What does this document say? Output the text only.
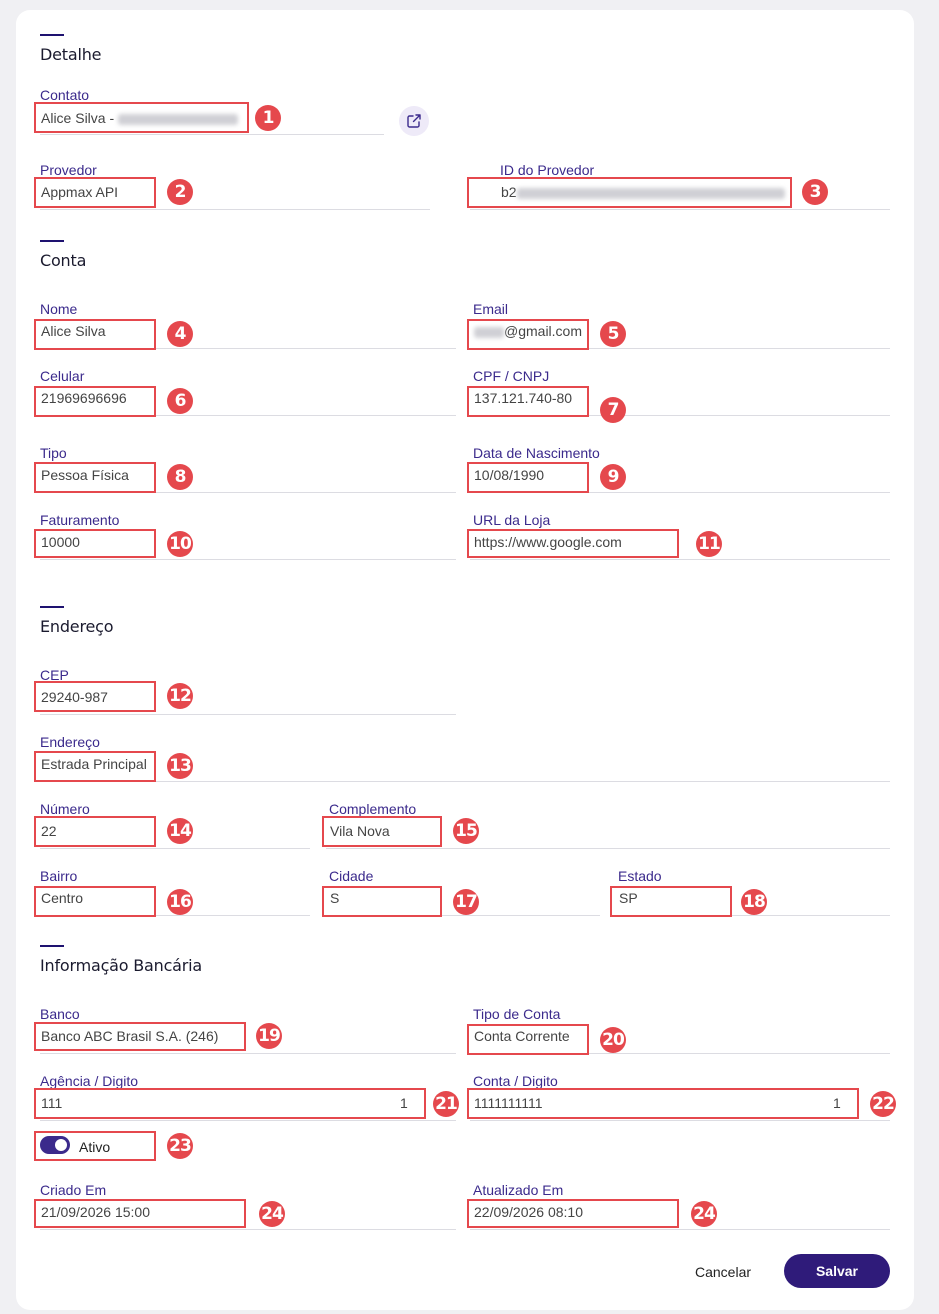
Detalhe
Contato
Alice Silva -
Provedor
Appmax API
ID do Provedor
b2
Conta
Nome
Alice Silva
Email
@gmail.com
Celular
21969696696
CPF / CNPJ
137.121.740-80
Tipo
Pessoa Física
Data de Nascimento
10/08/1990
Faturamento
10000
URL da Loja
https://www.google.com
Endereço
CEP
29240-987
Endereço
Estrada Principal
Número
22
Complemento
Vila Nova
Bairro
Centro
Cidade
S
Estado
SP
Informação Bancária
Banco
Banco ABC Brasil S.A. (246)
Tipo de Conta
Conta Corrente
Agência / Digito
111	1
Conta / Digito
1111111111	1
Ativo
Criado Em
21/09/2026 15:00
Atualizado Em
22/09/2026 08:10
Cancelar	Salvar
1
2	3
4	5
6	7
8	9
10	11
12
13
14	15
16	17	18
19	20
21	22
23
24	24
